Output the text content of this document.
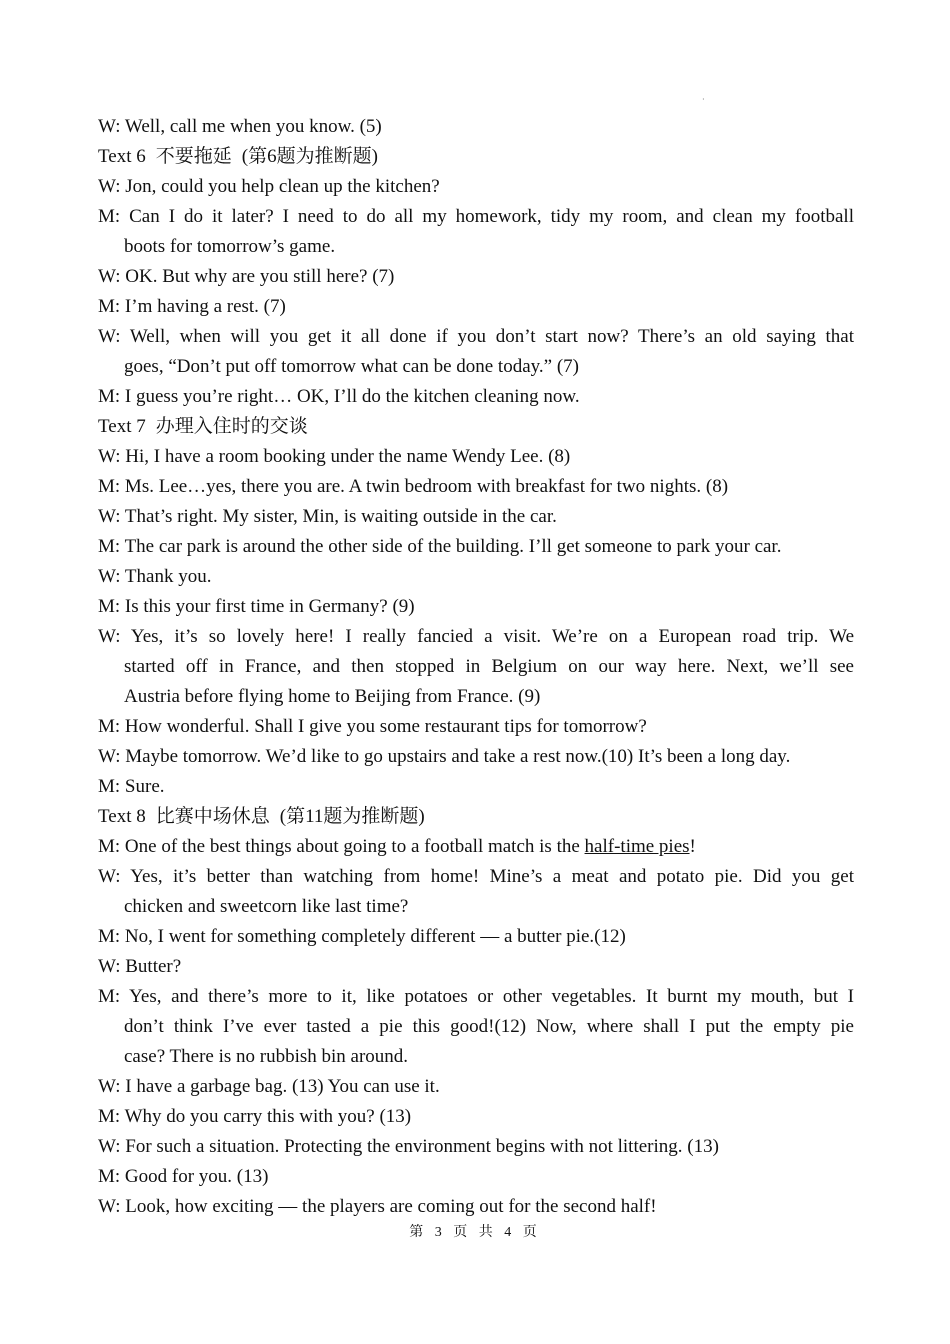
·
W: Well, call me when you know. (5)
Text 6 不要拖延 (第6题为推断题)
W: Jon, could you help clean up the kitchen?
M: Can I do it later? I need to do all my homework, tidy my room, and clean my football
boots for tomorrow’s game.
W: OK. But why are you still here? (7)
M: I’m having a rest. (7)
W: Well, when will you get it all done if you don’t start now? There’s an old saying that
goes, “Don’t put off tomorrow what can be done today.” (7)
M: I guess you’re right… OK, I’ll do the kitchen cleaning now.
Text 7 办理入住时的交谈
W: Hi, I have a room booking under the name Wendy Lee. (8)
M: Ms. Lee…yes, there you are. A twin bedroom with breakfast for two nights. (8)
W: That’s right. My sister, Min, is waiting outside in the car.
M: The car park is around the other side of the building. I’ll get someone to park your car.
W: Thank you.
M: Is this your first time in Germany? (9)
W: Yes, it’s so lovely here! I really fancied a visit. We’re on a European road trip. We
started off in France, and then stopped in Belgium on our way here. Next, we’ll see
Austria before flying home to Beijing from France. (9)
M: How wonderful. Shall I give you some restaurant tips for tomorrow?
W: Maybe tomorrow. We’d like to go upstairs and take a rest now.(10) It’s been a long day.
M: Sure.
Text 8 比赛中场休息 (第11题为推断题)
M: One of the best things about going to a football match is the half-time pies!
W: Yes, it’s better than watching from home! Mine’s a meat and potato pie. Did you get
chicken and sweetcorn like last time?
M: No, I went for something completely different — a butter pie.(12)
W: Butter?
M: Yes, and there’s more to it, like potatoes or other vegetables. It burnt my mouth, but I
don’t think I’ve ever tasted a pie this good!(12) Now, where shall I put the empty pie
case? There is no rubbish bin around.
W: I have a garbage bag. (13) You can use it.
M: Why do you carry this with you? (13)
W: For such a situation. Protecting the environment begins with not littering. (13)
M: Good for you. (13)
W: Look, how exciting — the players are coming out for the second half!
第 3 页 共 4 页
